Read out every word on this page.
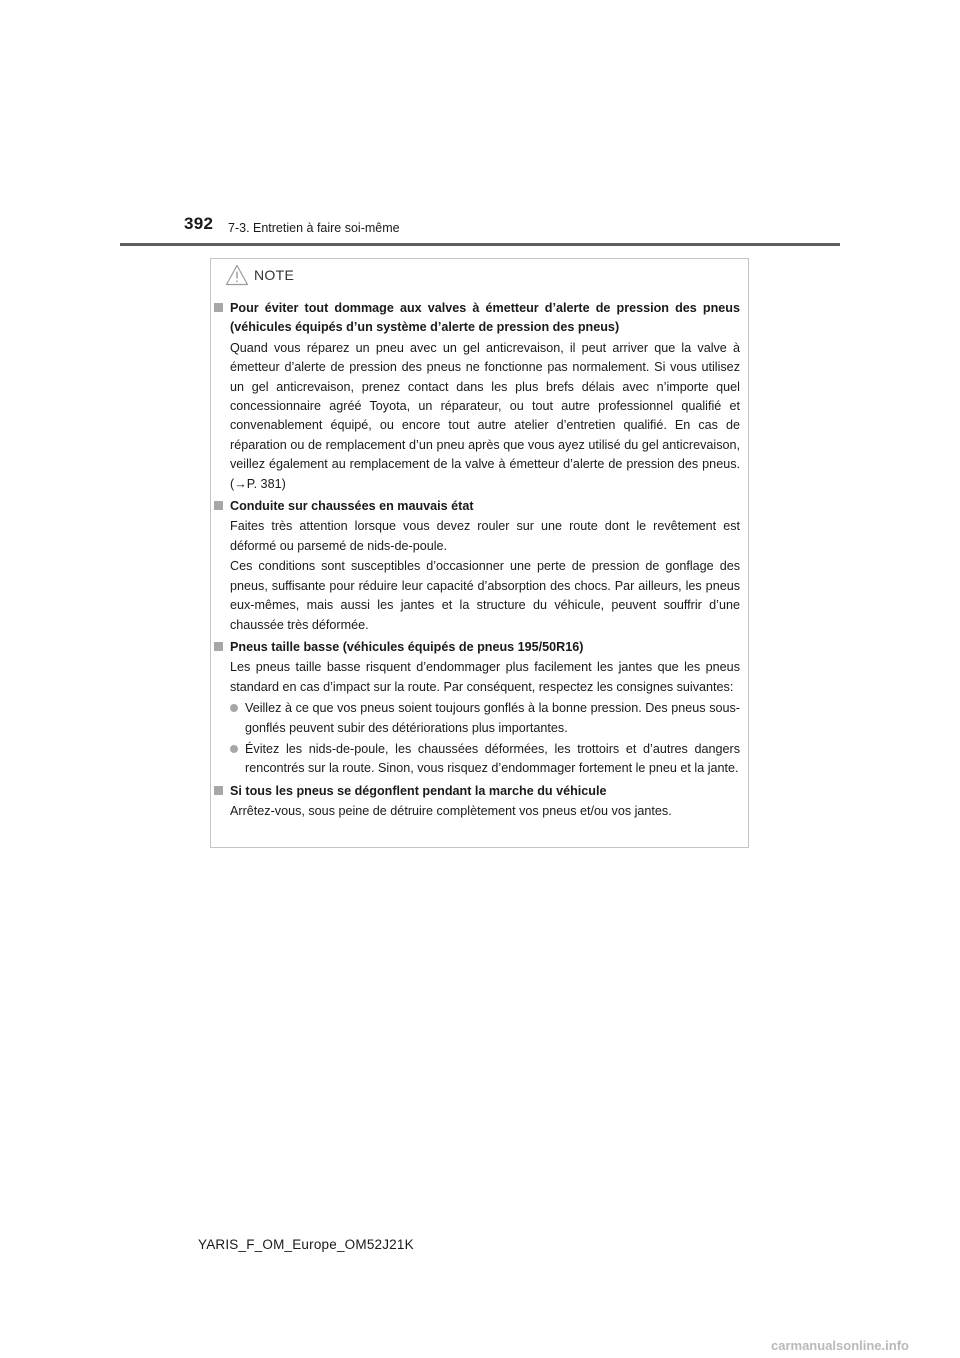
392 7-3. Entretien à faire soi-même
NOTE
Pour éviter tout dommage aux valves à émetteur d’alerte de pression des pneus (véhicules équipés d’un système d’alerte de pression des pneus)
Quand vous réparez un pneu avec un gel anticrevaison, il peut arriver que la valve à émetteur d’alerte de pression des pneus ne fonctionne pas normalement. Si vous utilisez un gel anticrevaison, prenez contact dans les plus brefs délais avec n’importe quel concessionnaire agréé Toyota, un réparateur, ou tout autre professionnel qualifié et convenablement équipé, ou encore tout autre atelier d’entretien qualifié. En cas de réparation ou de remplacement d’un pneu après que vous ayez utilisé du gel anticrevaison, veillez également au remplacement de la valve à émetteur d’alerte de pression des pneus. (→P. 381)
Conduite sur chaussées en mauvais état
Faites très attention lorsque vous devez rouler sur une route dont le revêtement est déformé ou parsemé de nids-de-poule.
Ces conditions sont susceptibles d’occasionner une perte de pression de gonflage des pneus, suffisante pour réduire leur capacité d’absorption des chocs. Par ailleurs, les pneus eux-mêmes, mais aussi les jantes et la structure du véhicule, peuvent souffrir d’une chaussée très déformée.
Pneus taille basse (véhicules équipés de pneus 195/50R16)
Les pneus taille basse risquent d’endommager plus facilement les jantes que les pneus standard en cas d’impact sur la route. Par conséquent, respectez les consignes suivantes:
Veillez à ce que vos pneus soient toujours gonflés à la bonne pression. Des pneus sous-gonflés peuvent subir des détériorations plus importantes.
Évitez les nids-de-poule, les chaussées déformées, les trottoirs et d’autres dangers rencontrés sur la route. Sinon, vous risquez d’endommager fortement le pneu et la jante.
Si tous les pneus se dégonflent pendant la marche du véhicule
Arrêtez-vous, sous peine de détruire complètement vos pneus et/ou vos jantes.
YARIS_F_OM_Europe_OM52J21K
carmanualsonline.info
